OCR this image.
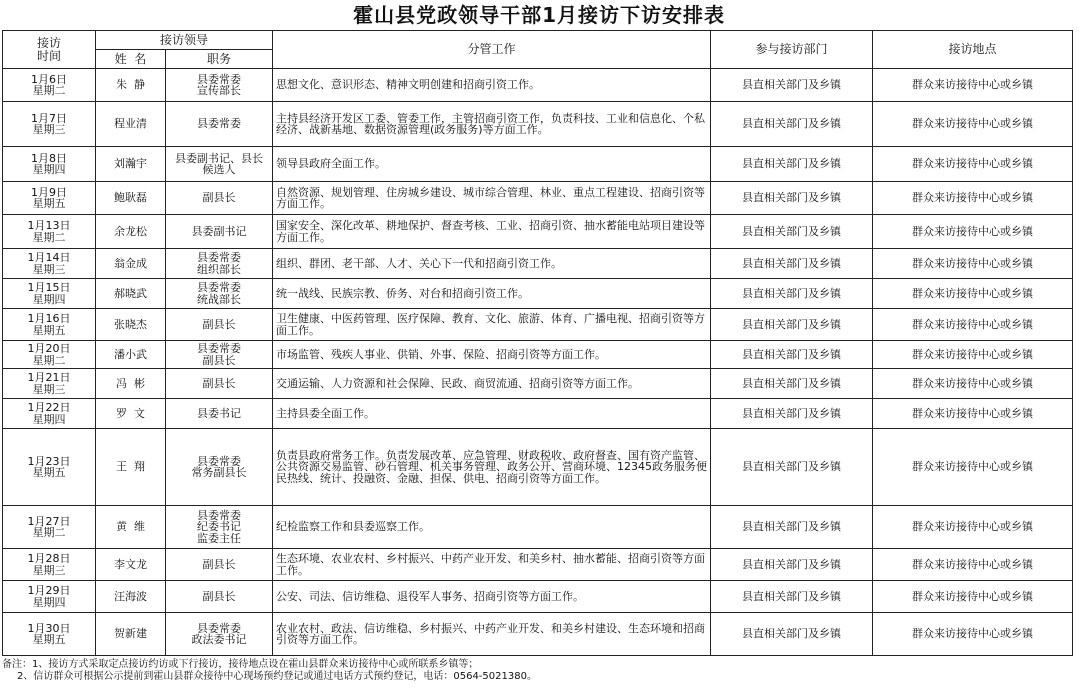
霍山县党政领导干部1月接访下访安排表
接访
时间	接访领导		分管工作	参与接访部门	接访地点
	姓  名	职务			
1月6日
星期二	朱  静	县委常委
宣传部长	思想文化、意识形态、精神文明创建和招商引资工作。	县直相关部门及乡镇	群众来访接待中心或乡镇
1月7日
星期三	程业清	县委常委	主持县经济开发区工委、管委工作，主管招商引资工作，负责科技、工业和信息化、个私经济、战新基地、数据资源管理(政务服务)等方面工作。	县直相关部门及乡镇	群众来访接待中心或乡镇
1月8日
星期四	刘瀚宇	县委副书记、县长
候选人	领导县政府全面工作。	县直相关部门及乡镇	群众来访接待中心或乡镇
1月9日
星期五	鲍耿磊	副县长	自然资源、规划管理、住房城乡建设、城市综合管理、林业、重点工程建设、招商引资等方面工作。	县直相关部门及乡镇	群众来访接待中心或乡镇
1月13日
星期二	余龙松	县委副书记	国家安全、深化改革、耕地保护、督查考核、工业、招商引资、抽水蓄能电站项目建设等方面工作。	县直相关部门及乡镇	群众来访接待中心或乡镇
1月14日
星期三	翁金成	县委常委
组织部长	组织、群团、老干部、人才、关心下一代和招商引资工作。	县直相关部门及乡镇	群众来访接待中心或乡镇
1月15日
星期四	郝晓武	县委常委
统战部长	统一战线、民族宗教、侨务、对台和招商引资工作。	县直相关部门及乡镇	群众来访接待中心或乡镇
1月16日
星期五	张晓杰	副县长	卫生健康、中医药管理、医疗保障、教育、文化、旅游、体育、广播电视、招商引资等方面工作。	县直相关部门及乡镇	群众来访接待中心或乡镇
1月20日
星期二	潘小武	县委常委
副县长	市场监管、残疾人事业、供销、外事、保险、招商引资等方面工作。	县直相关部门及乡镇	群众来访接待中心或乡镇
1月21日
星期三	冯  彬	副县长	交通运输、人力资源和社会保障、民政、商贸流通、招商引资等方面工作。	县直相关部门及乡镇	群众来访接待中心或乡镇
1月22日
星期四	罗  文	县委书记	主持县委全面工作。	县直相关部门及乡镇	群众来访接待中心或乡镇
1月23日
星期五	王  翔	县委常委
常务副县长	负责县政府常务工作。负责发展改革、应急管理、财政税收、政府督查、国有资产监管、公共资源交易监管、砂石管理、机关事务管理、政务公开、营商环境、12345政务服务便民热线、统计、投融资、金融、担保、供电、招商引资等方面工作。	县直相关部门及乡镇	群众来访接待中心或乡镇
1月27日
星期二	黄  维	县委常委
纪委书记
监委主任	纪检监察工作和县委巡察工作。	县直相关部门及乡镇	群众来访接待中心或乡镇
1月28日
星期三	李文龙	副县长	生态环境、农业农村、乡村振兴、中药产业开发、和美乡村、抽水蓄能、招商引资等方面工作。	县直相关部门及乡镇	群众来访接待中心或乡镇
1月29日
星期四	汪海波	副县长	公安、司法、信访维稳、退役军人事务、招商引资等方面工作。	县直相关部门及乡镇	群众来访接待中心或乡镇
1月30日
星期五	贺新建	县委常委
政法委书记	农业农村、政法、信访维稳、乡村振兴、中药产业开发、和美乡村建设、生态环境和招商引资等方面工作。	县直相关部门及乡镇	群众来访接待中心或乡镇
备注：1、接访方式采取定点接访约访或下行接访，接待地点设在霍山县群众来访接待中心或所联系乡镇等；
2、信访群众可根据公示提前到霍山县群众接待中心现场预约登记或通过电话方式预约登记，电话：0564-5021380。
